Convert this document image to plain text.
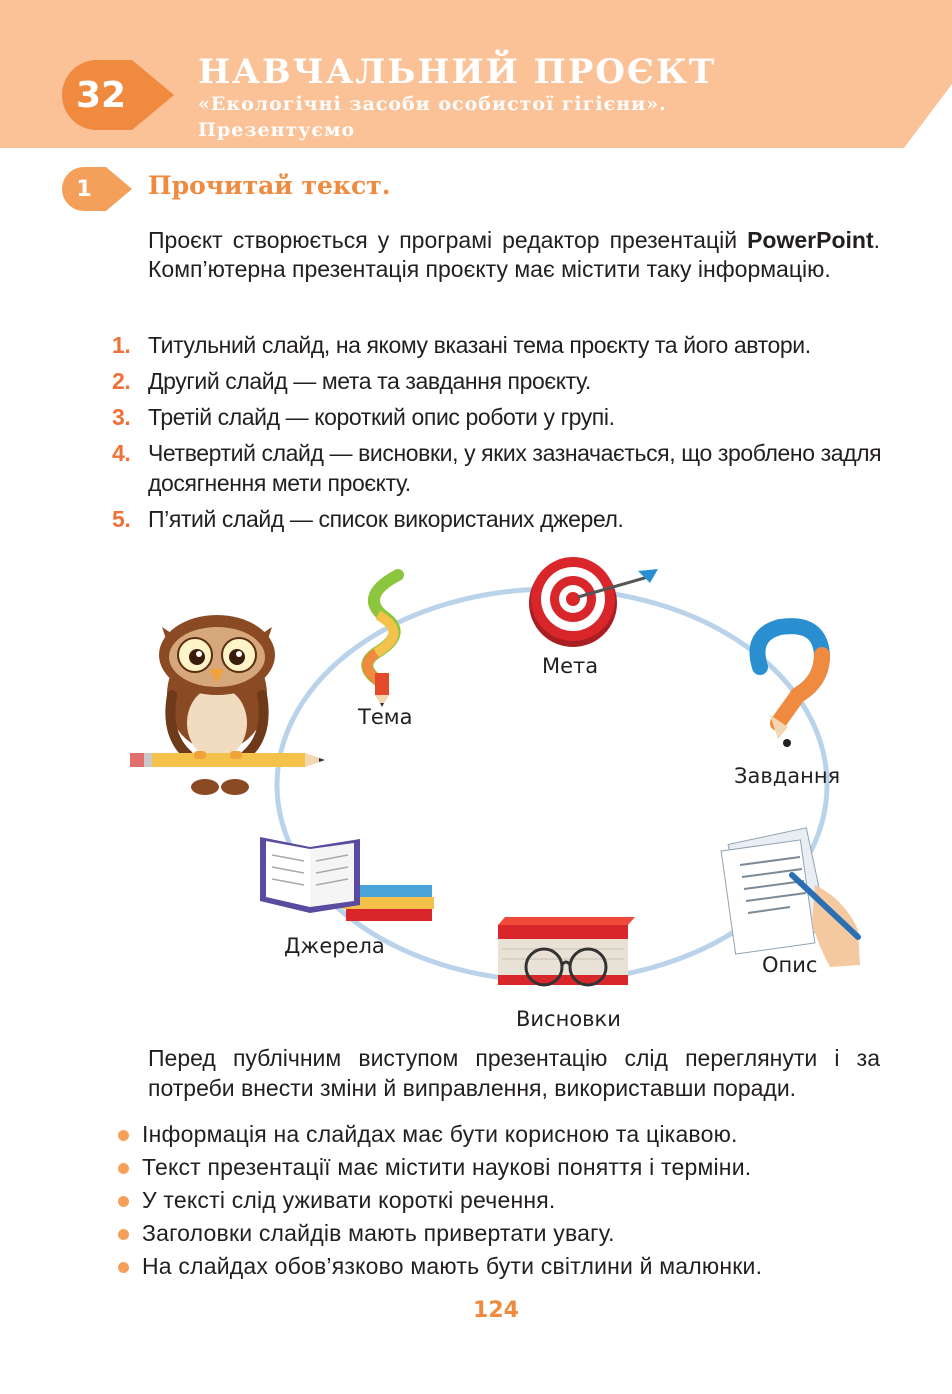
32
НАВЧАЛЬНИЙ ПРОЄКТ
«Екологічні засоби особистої гігієни».
Презентуємо
1	Прочитай текст.
Проєкт створюється у програмі редактор презентацій PowerPoint. Комп’ютерна презентація проєкту має містити таку інформацію.
1. Титульний слайд, на якому вказані тема проєкту та його автори.
2. Другий слайд — мета та завдання проєкту.
3. Третій слайд — короткий опис роботи у групі.
4. Четвертий слайд — висновки, у яких зазначається, що зроблено задля досягнення мети проєкту.
5. П’ятий слайд — список використаних джерел.
Тема
Мета
Завдання
Опис
Висновки
Джерела
Перед публічним виступом презентацію слід переглянути і за потреби внести зміни й виправлення, використавши поради.
Інформація на слайдах має бути корисною та цікавою.
Текст презентації має містити наукові поняття і терміни.
У тексті слід уживати короткі речення.
Заголовки слайдів мають привертати увагу.
На слайдах обов’язково мають бути світлини й малюнки.
124
